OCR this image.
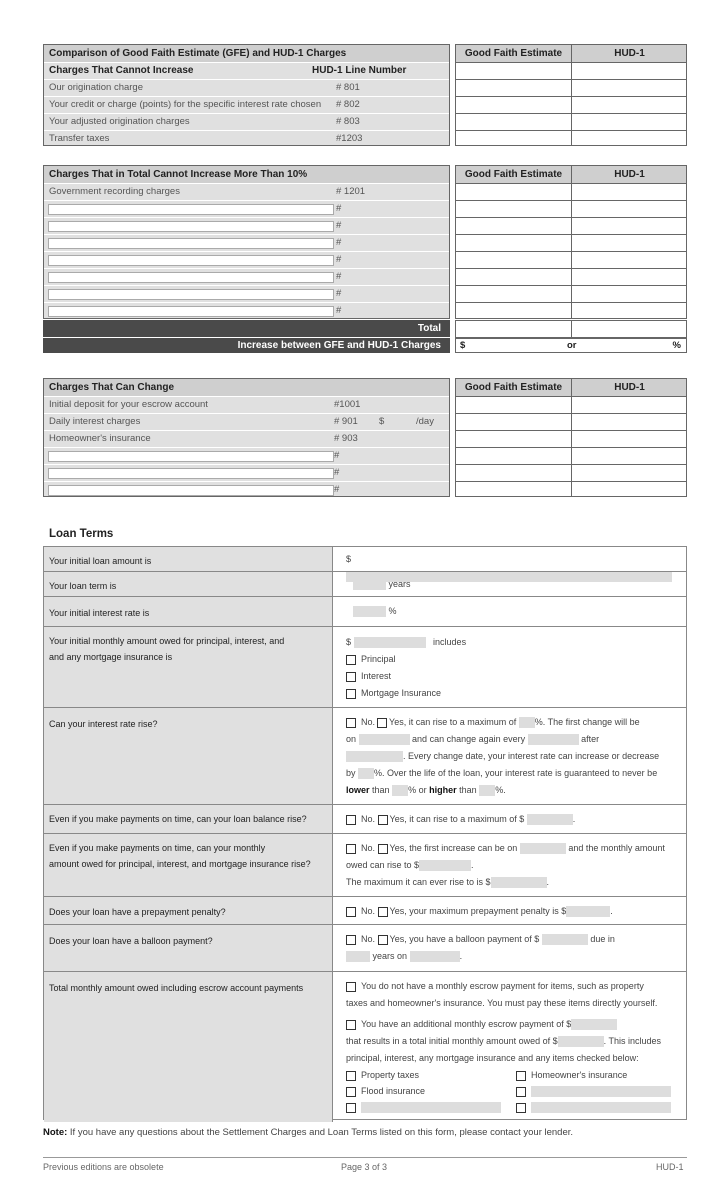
Comparison of Good Faith Estimate (GFE) and HUD-1 Charges
Charges That Cannot Increase	HUD-1 Line Number
Our origination charge	# 801
Your credit or charge (points) for the specific interest rate chosen # 802
Your adjusted origination charges	# 803
Transfer taxes	#1203
Good Faith Estimate	HUD-1
Charges That in Total Cannot Increase More Than 10%
Government recording charges	# 1201
#
#
#
#
#
#
#
Total
Increase between GFE and HUD-1 Charges
Good Faith Estimate	HUD-1
$	or	%
Charges That Can Change
Initial deposit for your escrow account	#1001
Daily interest charges	# 901 $	/day
Homeowner's insurance	# 903
#
#
#
Good Faith Estimate	HUD-1
Loan Terms
Your initial loan amount is	$
Your loan term is	years
Your initial interest rate is	%
Your initial monthly amount owed for principal, interest, and
and any mortgage insurance is
$	includes
Principal
Interest
Mortgage Insurance
Can your interest rate rise?	No. Yes, it can rise to a maximum of %. The first change will be
on	and can change again every	after
. Every change date, your interest rate can increase or decrease
by %. Over the life of the loan, your interest rate is guaranteed to never be
lower than % or higher than %.
Even if you make payments on time, can your loan balance rise?	No. Yes, it can rise to a maximum of $	.
Even if you make payments on time, can your monthly
amount owed for principal, interest, and mortgage insurance rise?
No. Yes, the first increase can be on	and the monthly amount
owed can rise to $	.
The maximum it can ever rise to is $	.
Does your loan have a prepayment penalty?	No. Yes, your maximum prepayment penalty is $	.
Does your loan have a balloon payment?	No. Yes, you have a balloon payment of $	due in
years on	.
Total monthly amount owed including escrow account payments	You do not have a monthly escrow payment for items, such as property
taxes and homeowner's insurance. You must pay these items directly yourself.

You have an additional monthly escrow payment of $
that results in a total initial monthly amount owed of $	. This includes
principal, interest, any mortgage insurance and any items checked below:

Property taxes	Homeowner's insurance
Flood insurance
Note: If you have any questions about the Settlement Charges and Loan Terms listed on this form, please contact your lender.
Previous editions are obsolete	Page 3 of 3	HUD-1
